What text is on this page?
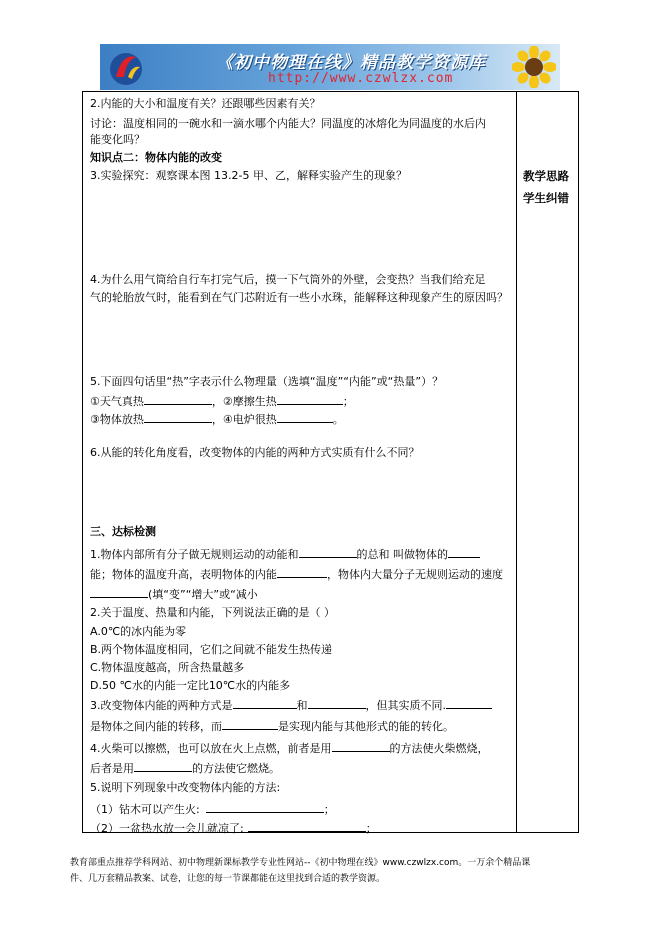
《初中物理在线》精品教学资源库
http://www.czwlzx.com
教学思路
学生纠错
2.内能的大小和温度有关？还跟哪些因素有关？
讨论：温度相同的一碗水和一滴水哪个内能大？同温度的冰熔化为同温度的水后内
能变化吗？
知识点二：物体内能的改变
3.实验探究：观察课本图 13.2-5 甲、乙，解释实验产生的现象？
4.为什么用气筒给自行车打完气后，摸一下气筒外的外壁，会变热？当我们给充足
气的轮胎放气时，能看到在气门芯附近有一些小水珠，能解释这种现象产生的原因吗？
5.下面四句话里“热”字表示什么物理量（选填“温度”“内能”或“热量”）？
①天气真热	，②摩擦生热	；
③物体放热	，④电炉很热	。
6.从能的转化角度看，改变物体的内能的两种方式实质有什么不同？
三、达标检测
1.物体内部所有分子做无规则运动的动能和	的总和 叫做物体的
能；物体的温度升高，表明物体的内能	，物体内大量分子无规则运动的速度
(填“变”“增大”或“减小
2.关于温度、热量和内能，下列说法正确的是（ ）
A.0℃的冰内能为零
B.两个物体温度相同，它们之间就不能发生热传递
C.物体温度越高，所含热量越多
D.50 ℃水的内能一定比10℃水的内能多
3.改变物体内能的两种方式是	和	，但其实质不同.
是物体之间内能的转移，而	是实现内能与其他形式的能的转化。
4.火柴可以擦燃，也可以放在火上点燃，前者是用	的方法使火柴燃烧，
后者是用	的方法使它燃烧。
5.说明下列现象中改变物体内能的方法:
（1）钻木可以产生火:	；
（2）一盆热水放一会儿就凉了:	；
教育部重点推荐学科网站、初中物理新课标教学专业性网站--《初中物理在线》www.czwlzx.com。一万余个精品课
件、几万套精品教案、试卷，让您的每一节课都能在这里找到合适的教学资源。
